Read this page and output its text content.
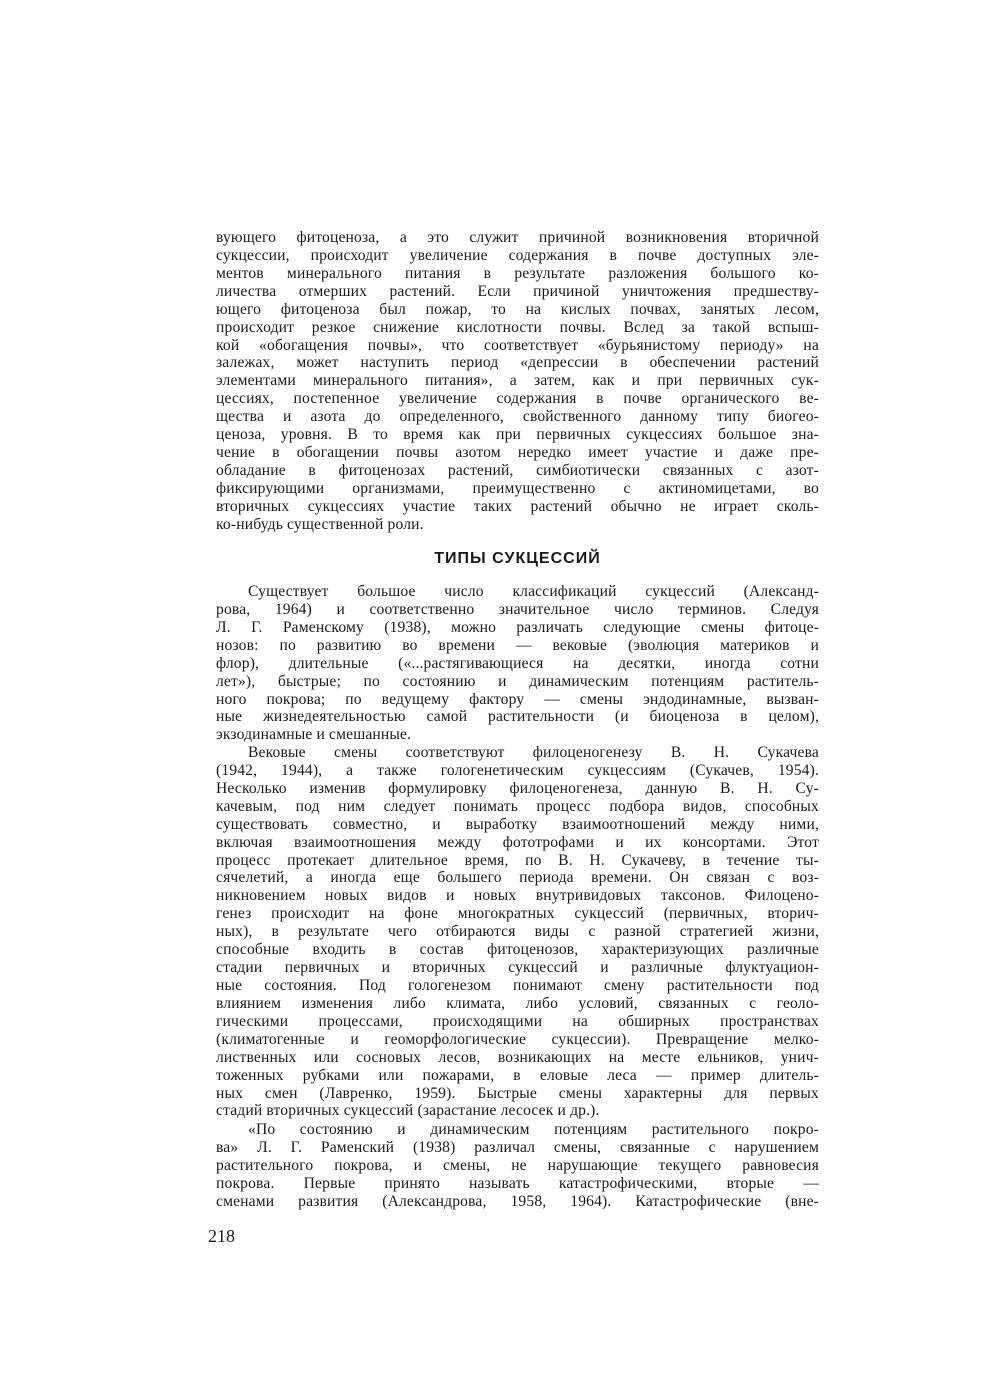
вующего фитоценоза, а это служит причиной возникновения вторичной
сукцессии, происходит увеличение содержания в почве доступных эле-
ментов минерального питания в результате разложения большого ко-
личества отмерших растений. Если причиной уничтожения предшеству-
ющего фитоценоза был пожар, то на кислых почвах, занятых лесом,
происходит резкое снижение кислотности почвы. Вслед за такой вспыш-
кой «обогащения почвы», что соответствует «бурьянистому периоду» на
залежах, может наступить период «депрессии в обеспечении растений
элементами минерального питания», а затем, как и при первичных сук-
цессиях, постепенное увеличение содержания в почве органического ве-
щества и азота до определенного, свойственного данному типу биогео-
ценоза, уровня. В то время как при первичных сукцессиях большое зна-
чение в обогащении почвы азотом нередко имеет участие и даже пре-
обладание в фитоценозах растений, симбиотически связанных с азот-
фиксирующими организмами, преимущественно с актиномицетами, во
вторичных сукцессиях участие таких растений обычно не играет сколь-
ко-нибудь существенной роли.
ТИПЫ СУКЦЕССИЙ
Существует большое число классификаций сукцессий (Александ-
рова, 1964) и соответственно значительное число терминов. Следуя
Л. Г. Раменскому (1938), можно различать следующие смены фитоце-
нозов: по развитию во времени — вековые (эволюция материков и
флор), длительные («...растягивающиеся на десятки, иногда сотни
лет»), быстрые; по состоянию и динамическим потенциям раститель-
ного покрова; по ведущему фактору — смены эндодинамные, вызван-
ные жизнедеятельностью самой растительности (и биоценоза в целом),
экзодинамные и смешанные.
Вековые смены соответствуют филоценогенезу В. Н. Сукачева
(1942, 1944), а также гологенетическим сукцессиям (Сукачев, 1954).
Несколько изменив формулировку филоценогенеза, данную В. Н. Су-
качевым, под ним следует понимать процесс подбора видов, способных
существовать совместно, и выработку взаимоотношений между ними,
включая взаимоотношения между фототрофами и их консортами. Этот
процесс протекает длительное время, по В. Н. Сукачеву, в течение ты-
сячелетий, а иногда еще большего периода времени. Он связан с воз-
никновением новых видов и новых внутривидовых таксонов. Филоцено-
генез происходит на фоне многократных сукцессий (первичных, вторич-
ных), в результате чего отбираются виды с разной стратегией жизни,
способные входить в состав фитоценозов, характеризующих различные
стадии первичных и вторичных сукцессий и различные флуктуацион-
ные состояния. Под гологенезом понимают смену растительности под
влиянием изменения либо климата, либо условий, связанных с геоло-
гическими процессами, происходящими на обширных пространствах
(климатогенные и геоморфологические сукцессии). Превращение мелко-
лиственных или сосновых лесов, возникающих на месте ельников, унич-
тоженных рубками или пожарами, в еловые леса — пример длитель-
ных смен (Лавренко, 1959). Быстрые смены характерны для первых
стадий вторичных сукцессий (зарастание лесосек и др.).
«По состоянию и динамическим потенциям растительного покро-
ва» Л. Г. Раменский (1938) различал смены, связанные с нарушением
растительного покрова, и смены, не нарушающие текущего равновесия
покрова. Первые принято называть катастрофическими, вторые —
сменами развития (Александрова, 1958, 1964). Катастрофические (вне-
218
